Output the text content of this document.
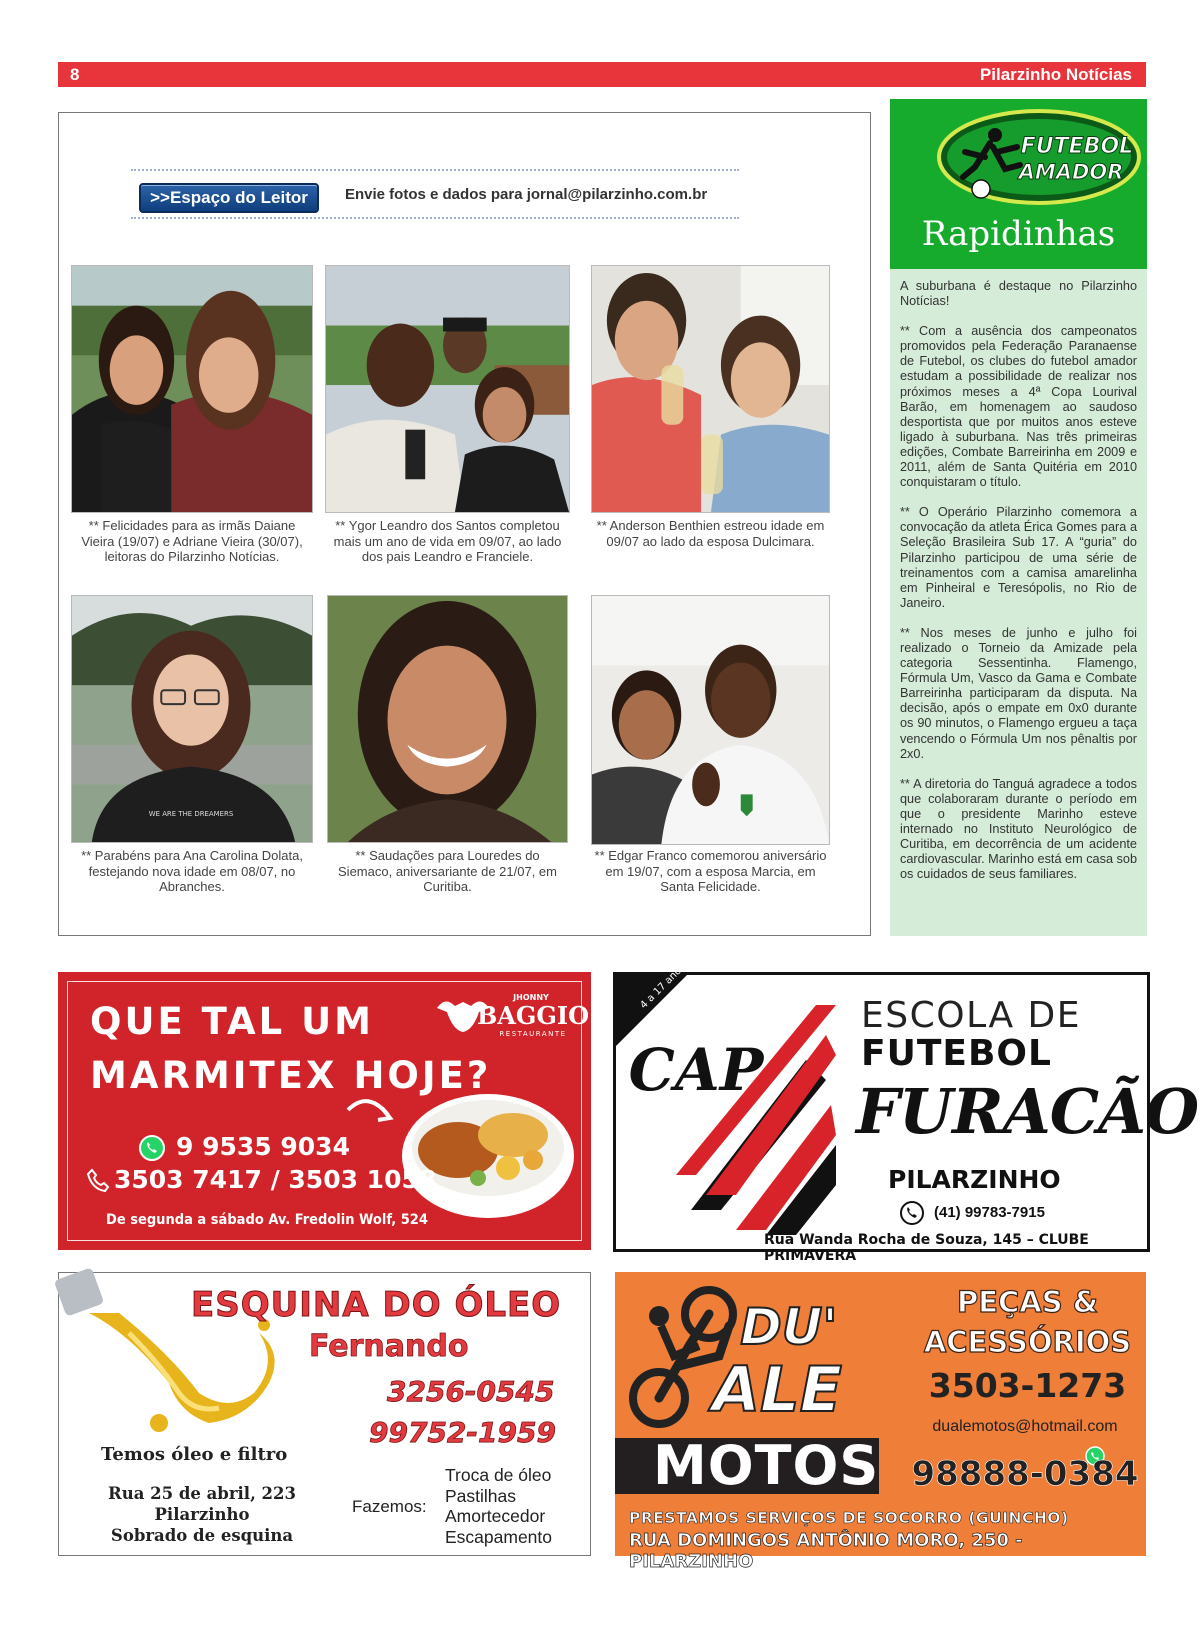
8	Pilarzinho Notícias
>>Espaço do Leitor	Envie fotos e dados para jornal@pilarzinho.com.br
** Felicidades para as irmãs Daiane Vieira (19/07) e Adriane Vieira (30/07), leitoras do Pilarzinho Notícias.
** Ygor Leandro dos Santos completou mais um ano de vida em 09/07, ao lado dos pais Leandro e Franciele.
** Anderson Benthien estreou idade em 09/07 ao lado da esposa Dulcimara.
WE ARE THE DREAMERS
** Parabéns para Ana Carolina Dolata, festejando nova idade em 08/07, no Abranches.
** Saudações para Louredes do Siemaco, aniversariante de 21/07, em Curitiba.
** Edgar Franco comemorou aniversário em 19/07, com a esposa Marcia, em Santa Felicidade.
FUTEBOL
AMADOR
Rapidinhas

A suburbana é destaque no Pilarzinho Notícias!

** Com a ausência dos campeonatos promovidos pela Federação Paranaense de Futebol, os clubes do futebol amador estudam a possibilidade de realizar nos próximos meses a 4ª Copa Lourival Barão, em homenagem ao saudoso desportista que por muitos anos esteve ligado à suburbana. Nas três primeiras edições, Combate Barreirinha em 2009 e 2011, além de Santa Quitéria em 2010 conquistaram o título.

** O Operário Pilarzinho comemora a convocação da atleta Érica Gomes para a Seleção Brasileira Sub 17. A “guria” do Pilarzinho participou de uma série de treinamentos com a camisa amarelinha em Pinheiral e Teresópolis, no Rio de Janeiro.

** Nos meses de junho e julho foi realizado o Torneio da Amizade pela categoria Sessentinha. Flamengo, Fórmula Um, Vasco da Gama e Combate Barreirinha participaram da disputa. Na decisão, após o empate em 0x0 durante os 90 minutos, o Flamengo ergueu a taça vencendo o Fórmula Um nos pênaltis por 2x0.

** A diretoria do Tanguá agradece a todos que colaboraram durante o período em que o presidente Marinho esteve internado no Instituto Neurológico de Curitiba, em decorrência de um acidente cardiovascular. Marinho está em casa sob os cuidados de seus familiares.

QUE TAL UM
MARMITEX HOJE?
JHONNY
BAGGIO
RESTAURANTE
9 9535 9034
3503 7417 / 3503 1058
De segunda a sábado Av. Fredolin Wolf, 524
4 a 17 anos
CAP
ESCOLA DE
FUTEBOL
FURACÃO
PILARZINHO
(41) 99783-7915
Rua Wanda Rocha de Souza, 145 – CLUBE PRIMAVERA
ESQUINA DO ÓLEO
Fernando
3256-0545
99752-1959
Temos óleo e filtro
Rua 25 de abril, 223
Pilarzinho
Sobrado de esquina
Fazemos:
Troca de óleo
Pastilhas
Amortecedor
Escapamento
DU'
ALE
MOTOS
PEÇAS &
ACESSÓRIOS
3503-1273
dualemotos@hotmail.com
98888-0384
PRESTAMOS SERVIÇOS DE SOCORRO (GUINCHO)
RUA DOMINGOS ANTÔNIO MORO, 250 - PILARZINHO
